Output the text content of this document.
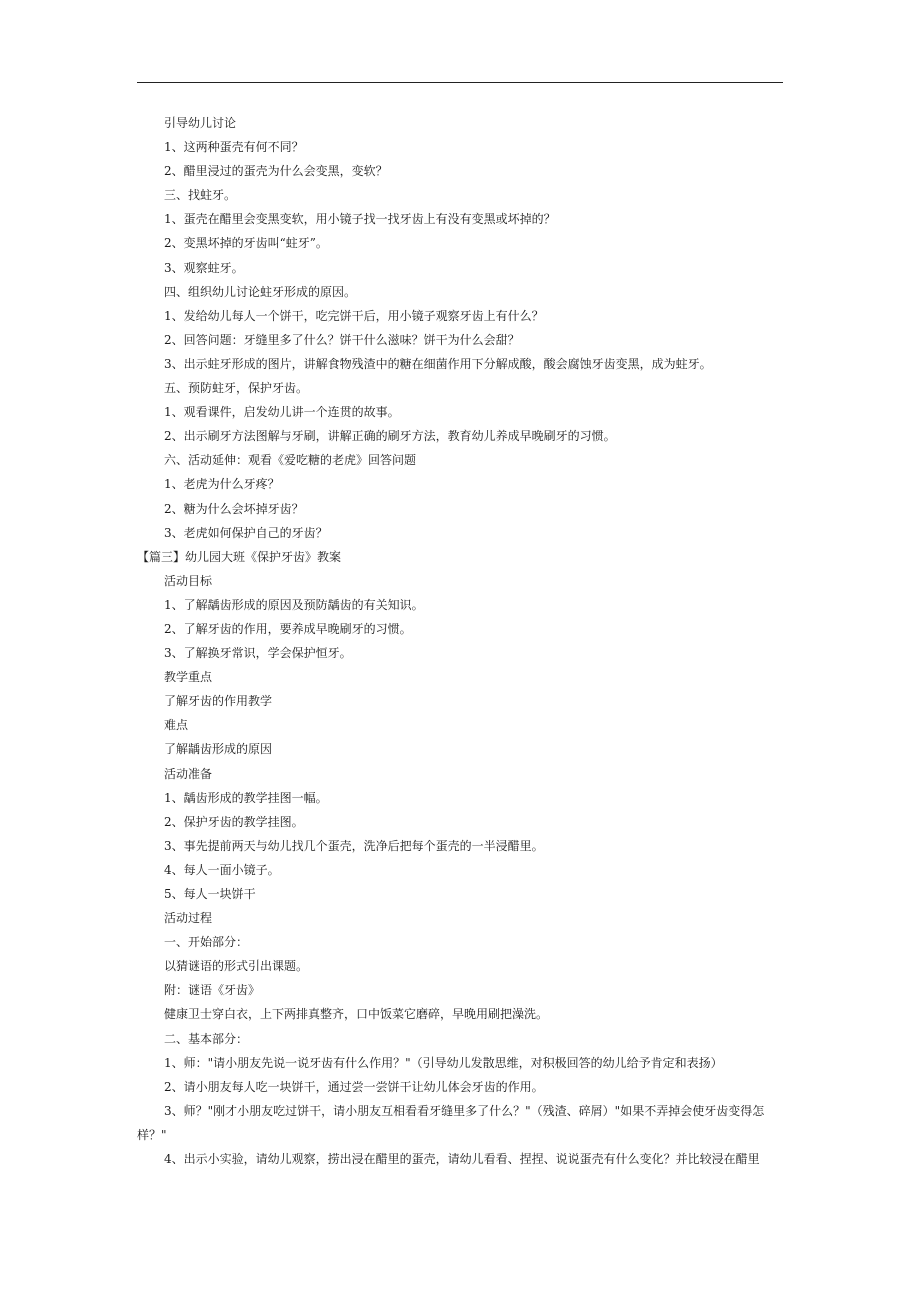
引导幼儿讨论
1、这两种蛋壳有何不同？
2、醋里浸过的蛋壳为什么会变黑，变软？
三、找蛀牙。
1、蛋壳在醋里会变黑变软，用小镜子找一找牙齿上有没有变黑或坏掉的？
2、变黑坏掉的牙齿叫“蛀牙”。
3、观察蛀牙。
四、组织幼儿讨论蛀牙形成的原因。
1、发给幼儿每人一个饼干，吃完饼干后，用小镜子观察牙齿上有什么？
2、回答问题：牙缝里多了什么？饼干什么滋味？饼干为什么会甜？
3、出示蛀牙形成的图片，讲解食物残渣中的糖在细菌作用下分解成酸，酸会腐蚀牙齿变黑，成为蛀牙。
五、预防蛀牙，保护牙齿。
1、观看课件，启发幼儿讲一个连贯的故事。
2、出示刷牙方法图解与牙刷，讲解正确的刷牙方法，教育幼儿养成早晚刷牙的习惯。
六、活动延伸：观看《爱吃糖的老虎》回答问题
1、老虎为什么牙疼？
2、糖为什么会坏掉牙齿？
3、老虎如何保护自己的牙齿？
【篇三】幼儿园大班《保护牙齿》教案
活动目标
1、了解龋齿形成的原因及预防龋齿的有关知识。
2、了解牙齿的作用，要养成早晚刷牙的习惯。
3、了解换牙常识，学会保护恒牙。
教学重点
了解牙齿的作用教学
难点
了解龋齿形成的原因
活动准备
1、龋齿形成的教学挂图一幅。
2、保护牙齿的教学挂图。
3、事先提前两天与幼儿找几个蛋壳，洗净后把每个蛋壳的一半浸醋里。
4、每人一面小镜子。
5、每人一块饼干
活动过程
一、开始部分：
以猜谜语的形式引出课题。
附：谜语《牙齿》
健康卫士穿白衣，上下两排真整齐，口中饭菜它磨碎，早晚用刷把澡洗。
二、基本部分：
1、师："请小朋友先说一说牙齿有什么作用？"（引导幼儿发散思维，对积极回答的幼儿给予肯定和表扬）
2、请小朋友每人吃一块饼干，通过尝一尝饼干让幼儿体会牙齿的作用。
3、师？"刚才小朋友吃过饼干，请小朋友互相看看牙缝里多了什么？"（残渣、碎屑）"如果不弄掉会使牙齿变得怎
样？"
4、出示小实验，请幼儿观察，捞出浸在醋里的蛋壳，请幼儿看看、捏捏、说说蛋壳有什么变化？并比较浸在醋里
